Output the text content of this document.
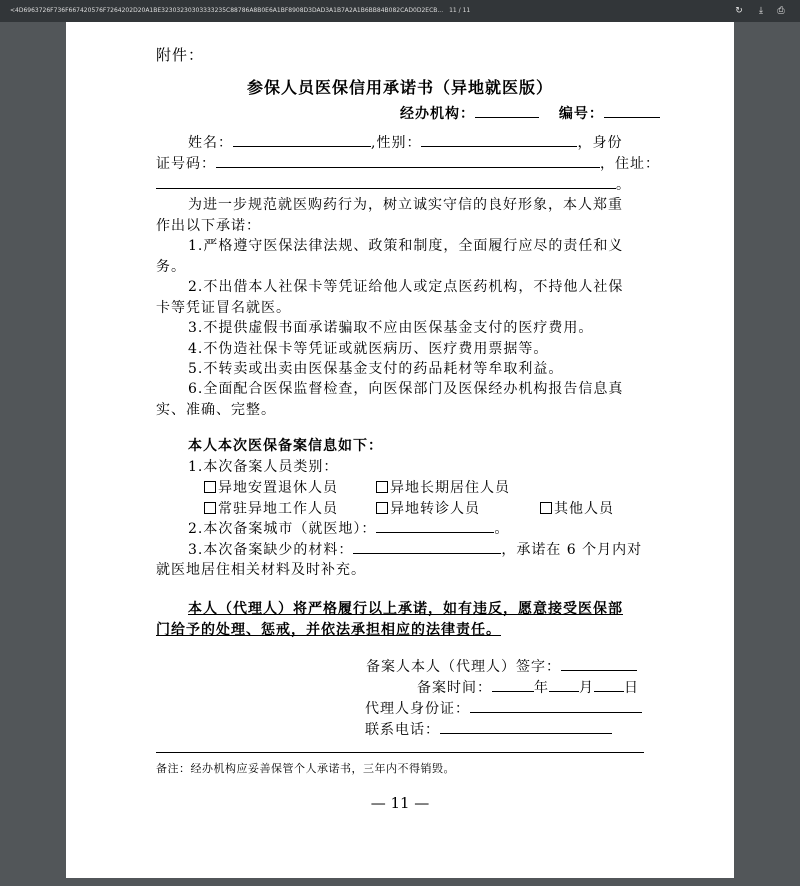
<4D6963726F736F667420576F7264202D20A1BE32303230303333235C88786A8B0E6A1BF8908D3DAD3A1B7A2A1B6BB84B082CAD0D2ECB... 11 / 11	↻	⤓	⎙
附件：
参保人员医保信用承诺书（异地就医版）
经办机构：	编号：
姓名：	,性别：	，身份
证号码：	，住址：
。
为进一步规范就医购药行为，树立诚实守信的良好形象，本人郑重
作出以下承诺：
1.严格遵守医保法律法规、政策和制度，全面履行应尽的责任和义
务。
2.不出借本人社保卡等凭证给他人或定点医药机构，不持他人社保
卡等凭证冒名就医。
3.不提供虚假书面承诺骗取不应由医保基金支付的医疗费用。
4.不伪造社保卡等凭证或就医病历、医疗费用票据等。
5.不转卖或出卖由医保基金支付的药品耗材等牟取利益。
6.全面配合医保监督检查，向医保部门及医保经办机构报告信息真
实、准确、完整。
本人本次医保备案信息如下：
1.本次备案人员类别：
异地安置退休人员	异地长期居住人员
常驻异地工作人员	异地转诊人员	其他人员
2.本次备案城市（就医地）：	。
3.本次备案缺少的材料：	，承诺在 6 个月内对
就医地居住相关材料及时补充。
本人（代理人）将严格履行以上承诺，如有违反，愿意接受医保部
门给予的处理、惩戒，并依法承担相应的法律责任。
备案人本人（代理人）签字：
备案时间：	年 月 日
代理人身份证：
联系电话：
备注：经办机构应妥善保管个人承诺书，三年内不得销毁。
— 11 —
